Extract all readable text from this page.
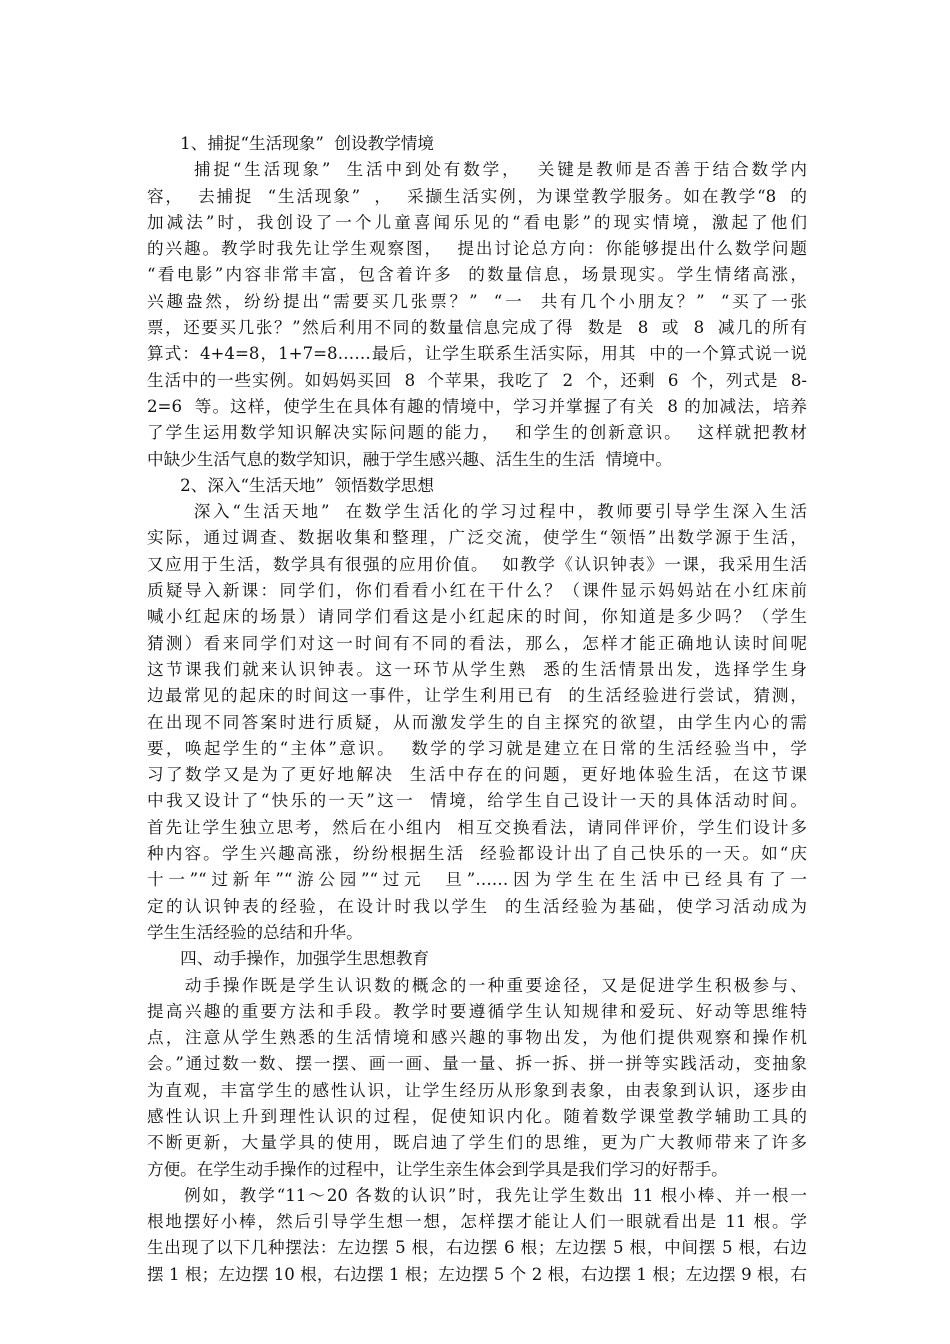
　　1、捕捉“生活现象”  创设教学情境
　　 捕捉“生活现象”  生活中到处有数学，  关键是教师是否善于结合数学内
容，  去捕捉  “生活现象”  ，  采撷生活实例，为课堂教学服务。如在教学“8  的
加减法”时，我创设了一个儿童喜闻乐见的“看电影”的现实情境，激起了他们
的兴趣。教学时我先让学生观察图，  提出讨论总方向：你能够提出什么数学问题
“看电影”内容非常丰富，包含着许多  的数量信息，场景现实。学生情绪高涨，
兴趣盎然，纷纷提出“需要买几张票？”  “一  共有几个小朋友？”  “买了一张
票，还要买几张？”然后利用不同的数量信息完成了得  数是  8  或  8  减几的所有
算式：4+4=8，1+7=8……最后，让学生联系生活实际，用其  中的一个算式说一说
生活中的一些实例。如妈妈买回  8  个苹果，我吃了  2  个，还剩  6  个，列式是  8-
2=6  等。这样，使学生在具体有趣的情境中，学习并掌握了有关  8 的加减法，培养
了学生运用数学知识解决实际问题的能力，  和学生的创新意识。  这样就把教材
中缺少生活气息的数学知识，融于学生感兴趣、活生生的生活  情境中。
　　2、深入“生活天地”  领悟数学思想
　　 深入“生活天地”  在数学生活化的学习过程中，教师要引导学生深入生活
实际，通过调查、数据收集和整理，广泛交流，使学生“领悟”出数学源于生活，
又应用于生活，数学具有很强的应用价值。  如教学《认识钟表》一课，我采用生活
质疑导入新课：同学们，你们看看小红在干什么？（课件显示妈妈站在小红床前
喊小红起床的场景）请同学们看这是小红起床的时间，你知道是多少吗？（学生
猜测）看来同学们对这一时间有不同的看法，那么，怎样才能正确地认读时间呢
这节课我们就来认识钟表。这一环节从学生熟  悉的生活情景出发，选择学生身
边最常见的起床的时间这一事件，让学生利用已有  的生活经验进行尝试，猜测，
在出现不同答案时进行质疑，从而激发学生的自主探究的欲望，由学生内心的需
要，唤起学生的“主体”意识。  数学的学习就是建立在日常的生活经验当中，学
习了数学又是为了更好地解决  生活中存在的问题，更好地体验生活，在这节课
中我又设计了“快乐的一天”这一  情境，给学生自己设计一天的具体活动时间。
首先让学生独立思考，然后在小组内  相互交换看法，请同伴评价，学生们设计多
种内容。学生兴趣高涨，纷纷根据生活  经验都设计出了自己快乐的一天。如“庆
十一”“过新年”“游公园”“过元  旦”……因为学生在生活中已经具有了一
定的认识钟表的经验，在设计时我以学生  的生活经验为基础，使学习活动成为
学生生活经验的总结和升华。
　　四、动手操作，加强学生思想教育
　　动手操作既是学生认识数的概念的一种重要途径，又是促进学生积极参与、
提高兴趣的重要方法和手段。教学时要遵循学生认知规律和爱玩、好动等思维特
点，注意从学生熟悉的生活情境和感兴趣的事物出发，为他们提供观察和操作机
会。”通过数一数、摆一摆、画一画、量一量、拆一拆、拼一拼等实践活动，变抽象
为直观，丰富学生的感性认识，让学生经历从形象到表象，由表象到认识，逐步由
感性认识上升到理性认识的过程，促使知识内化。随着数学课堂教学辅助工具的
不断更新，大量学具的使用，既启迪了学生们的思维，更为广大教师带来了许多
方便。在学生动手操作的过程中，让学生亲生体会到学具是我们学习的好帮手。
　　例如，教学“11～20 各数的认识”时，我先让学生数出 11 根小棒、并一根一
根地摆好小棒，然后引导学生想一想，怎样摆才能让人们一眼就看出是 11 根。学
生出现了以下几种摆法：左边摆 5 根，右边摆 6 根；左边摆 5 根，中间摆 5 根，右边
摆 1 根；左边摆 10 根，右边摆 1 根；左边摆 5 个 2 根，右边摆 1 根；左边摆 9 根，右
